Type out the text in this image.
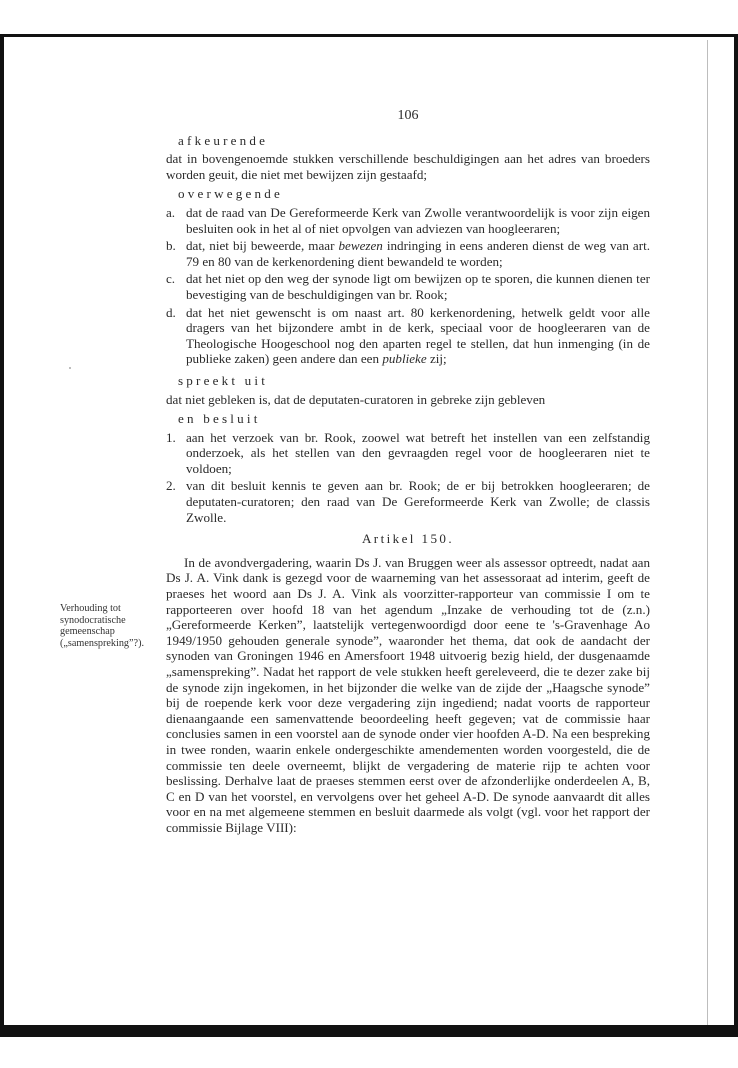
Verhouding tot synodocratische gemeenschap („samenspreking”?).
106
afkeurende
dat in bovengenoemde stukken verschillende beschuldigingen aan het adres van broeders worden geuit, die niet met bewijzen zijn gestaafd;
overwegende
a. dat de raad van De Gereformeerde Kerk van Zwolle verantwoordelijk is voor zijn eigen besluiten ook in het al of niet opvolgen van adviezen van hoogleeraren;
b. dat, niet bij beweerde, maar bewezen indringing in eens anderen dienst de weg van art. 79 en 80 van de kerkenordening dient bewandeld te worden;
c. dat het niet op den weg der synode ligt om bewijzen op te sporen, die kunnen dienen ter bevestiging van de beschuldigingen van br. Rook;
d. dat het niet gewenscht is om naast art. 80 kerkenordening, hetwelk geldt voor alle dragers van het bijzondere ambt in de kerk, speciaal voor de hoogleeraren van de Theologische Hoogeschool nog den aparten regel te stellen, dat hun inmenging (in de publieke zaken) geen andere dan een publieke zij;
spreekt uit
dat niet gebleken is, dat de deputaten-curatoren in gebreke zijn gebleven
en besluit
1. aan het verzoek van br. Rook, zoowel wat betreft het instellen van een zelfstandig onderzoek, als het stellen van den gevraagden regel voor de hoogleeraren niet te voldoen;
2. van dit besluit kennis te geven aan br. Rook; de er bij betrokken hoogleeraren; de deputaten-curatoren; den raad van De Gereformeerde Kerk van Zwolle; de classis Zwolle.
Artikel 150.

In de avondvergadering, waarin Ds J. van Bruggen weer als assessor optreedt, nadat aan Ds J. A. Vink dank is gezegd voor de waarneming van het assessoraat ad interim, geeft de praeses het woord aan Ds J. A. Vink als voorzitter-rapporteur van commissie I om te rapporteeren over hoofd 18 van het agendum „Inzake de verhouding tot de (z.n.) „Gereformeerde Kerken”, laatstelijk vertegenwoordigd door eene te 's-Gravenhage Ao 1949/1950 gehouden generale synode”, waaronder het thema, dat ook de aandacht der synoden van Groningen 1946 en Amersfoort 1948 uitvoerig bezig hield, der dusgenaamde „samenspreking”. Nadat het rapport de vele stukken heeft gereleveerd, die te dezer zake bij de synode zijn ingekomen, in het bijzonder die welke van de zijde der „Haagsche synode” bij de roepende kerk voor deze vergadering zijn ingediend; nadat voorts de rapporteur dienaangaande een samenvattende beoordeeling heeft gegeven; vat de commissie haar conclusies samen in een voorstel aan de synode onder vier hoofden A-D. Na een bespreking in twee ronden, waarin enkele ondergeschikte amendementen worden voorgesteld, die de commissie ten deele overneemt, blijkt de vergadering de materie rijp te achten voor beslissing. Derhalve laat de praeses stemmen eerst over de afzonderlijke onderdeelen A, B, C en D van het voorstel, en vervolgens over het geheel A-D. De synode aanvaardt dit alles voor en na met algemeene stemmen en besluit daarmede als volgt (vgl. voor het rapport der commissie Bijlage VIII):
